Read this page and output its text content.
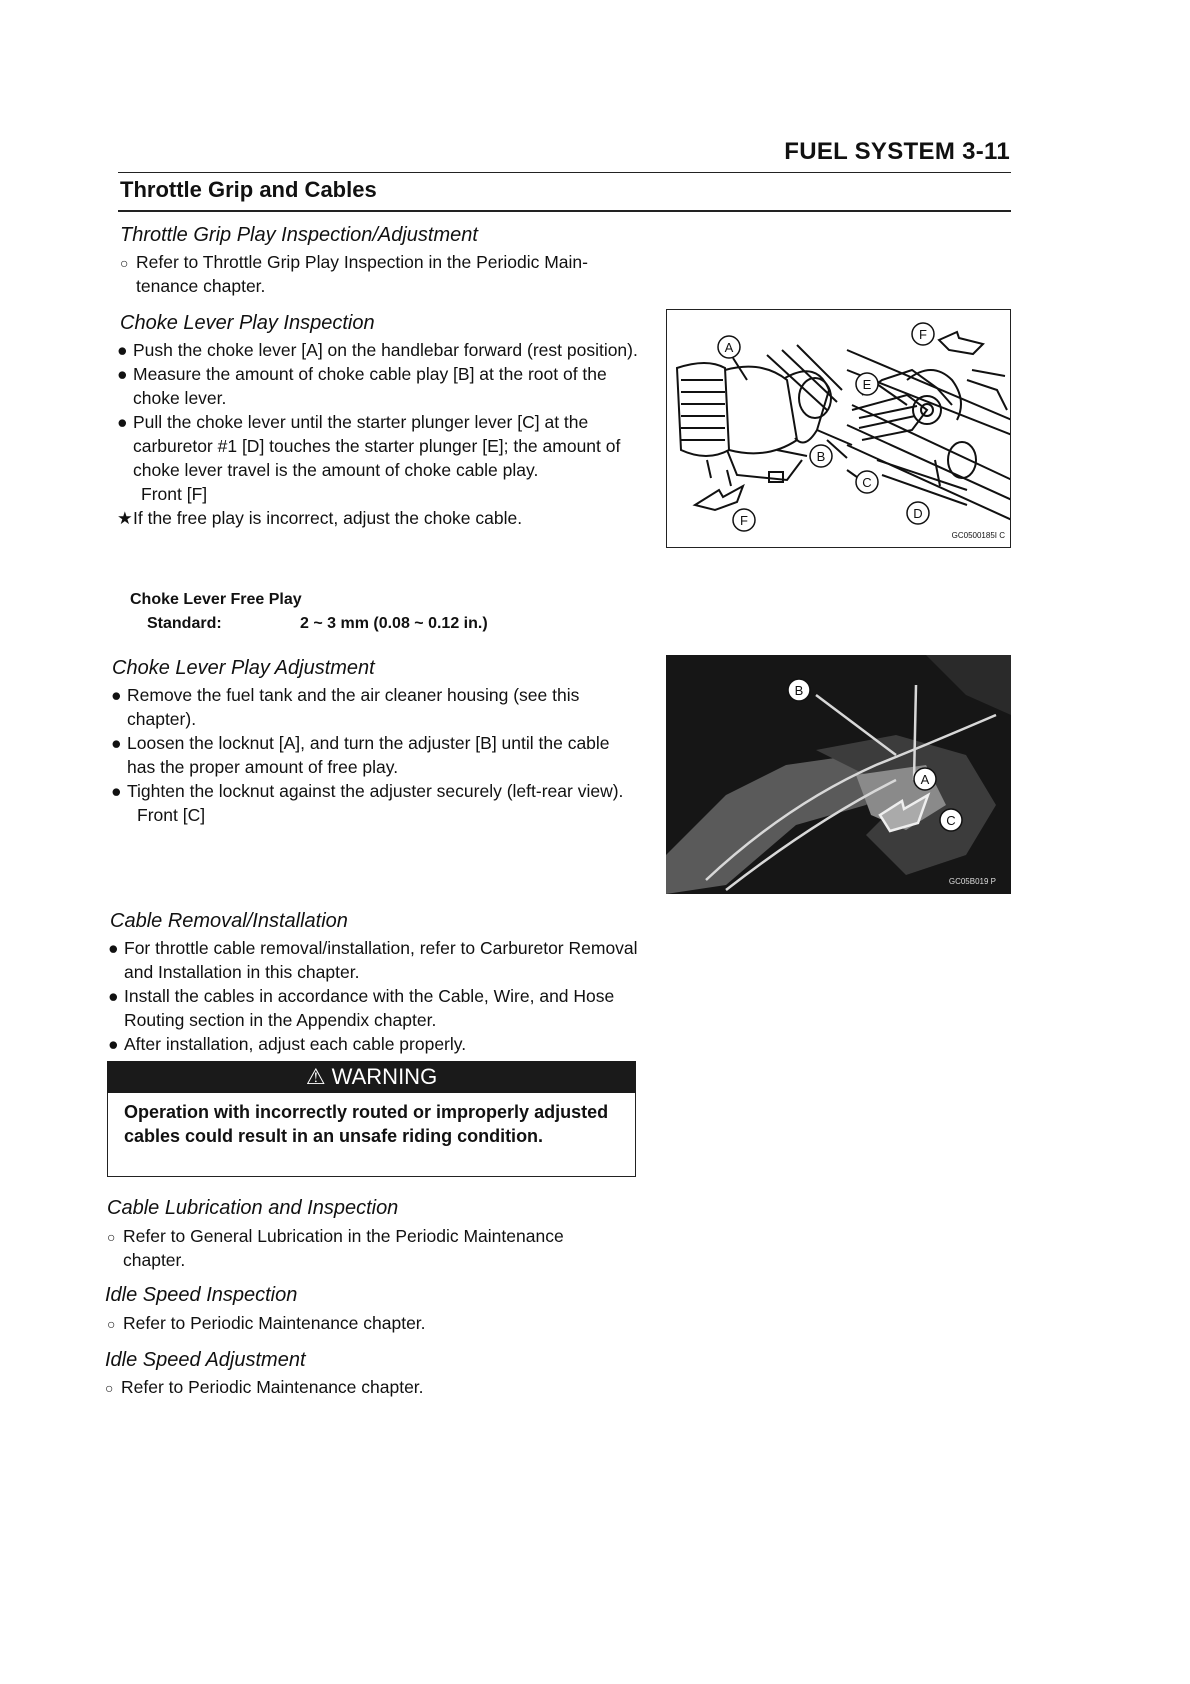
FUEL SYSTEM 3-11
Throttle Grip and Cables
Throttle Grip Play Inspection/Adjustment
○ Refer to Throttle Grip Play Inspection in the Periodic Main-
tenance chapter.
Choke Lever Play Inspection
● Push the choke lever [A] on the handlebar forward (rest position).
● Measure the amount of choke cable play [B] at the root of the choke lever.
● Pull the choke lever until the starter plunger lever [C] at the carburetor #1 [D] touches the starter plunger [E]; the amount of choke lever travel is the amount of choke cable play.
Front [F]
★ If the free play is incorrect, adjust the choke cable.
Choke Lever Free Play
Standard:	2 ~ 3 mm (0.08 ~ 0.12 in.)
Choke Lever Play Adjustment
● Remove the fuel tank and the air cleaner housing (see this chapter).
● Loosen the locknut [A], and turn the adjuster [B] until the cable has the proper amount of free play.
● Tighten the locknut against the adjuster securely (left-rear view).
Front [C]
Cable Removal/Installation
● For throttle cable removal/installation, refer to Carburetor Removal and Installation in this chapter.
● Install the cables in accordance with the Cable, Wire, and Hose Routing section in the Appendix chapter.
● After installation, adjust each cable properly.
⚠ WARNING
Operation with incorrectly routed or improperly adjusted cables could result in an unsafe riding condition.
Cable Lubrication and Inspection
○ Refer to General Lubrication in the Periodic Maintenance
chapter.
Idle Speed Inspection
○ Refer to Periodic Maintenance chapter.
Idle Speed Adjustment
○ Refer to Periodic Maintenance chapter.
A
F
E
B
C
D
F
GC0500185I C
B
A
C
GC05B019 P
